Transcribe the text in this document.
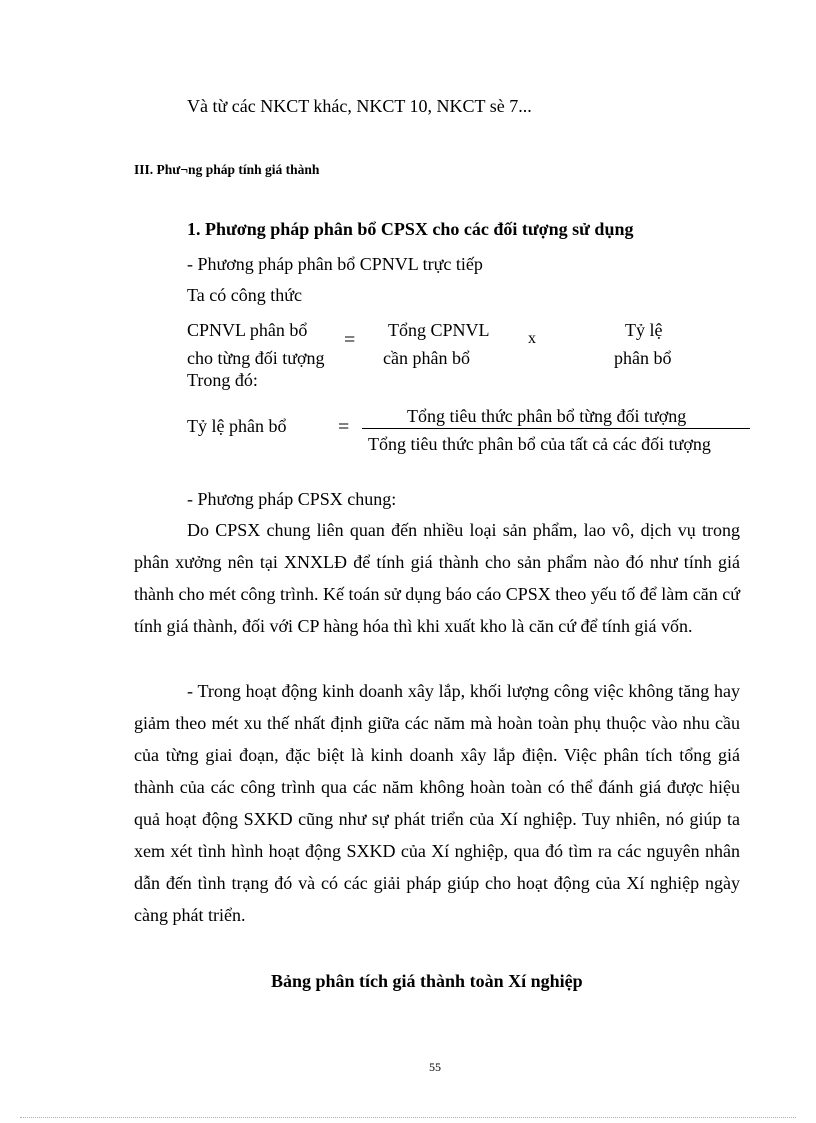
Và từ các NKCT khác, NKCT 10, NKCT sè 7...
III. Phư¬ng pháp tính giá thành
1. Phương pháp phân bổ CPSX cho các đối tượng sử dụng
- Phương pháp phân bổ CPNVL trực tiếp
Ta có công thức
CPNVL phân bổ
cho từng đối tượng
= Tổng CPNVL
cần phân bổ
x	Tỷ lệ
phân bổ
Trong đó:
Tỷ lệ phân bổ	=	Tổng tiêu thức phân bổ từng đối tượng
Tổng tiêu thức phân bổ của tất cả các đối tượng
- Phương pháp CPSX chung:

Do CPSX chung liên quan đến nhiều loại sản phẩm, lao vô, dịch vụ trong phân xưởng nên tại XNXLĐ để tính giá thành cho sản phẩm nào đó như tính giá thành cho mét công trình. Kế toán sử dụng báo cáo CPSX theo yếu tố để làm căn cứ tính giá thành, đối với CP hàng hóa thì khi xuất kho là căn cứ để tính giá vốn.

- Trong hoạt động kinh doanh xây lắp, khối lượng công việc không tăng hay giảm theo mét xu thế nhất định giữa các năm mà hoàn toàn phụ thuộc vào nhu cầu của từng giai đoạn, đặc biệt là kinh doanh xây lắp điện. Việc phân tích tổng giá thành của các công trình qua các năm không hoàn toàn có thể đánh giá được hiệu quả hoạt động SXKD cũng như sự phát triển của Xí nghiệp. Tuy nhiên, nó giúp ta xem xét tình hình hoạt động SXKD của Xí nghiệp, qua đó tìm ra các nguyên nhân dẫn đến tình trạng đó và có các giải pháp giúp cho hoạt động của Xí nghiệp ngày càng phát triển.

Bảng phân tích giá thành toàn Xí nghiệp
55
